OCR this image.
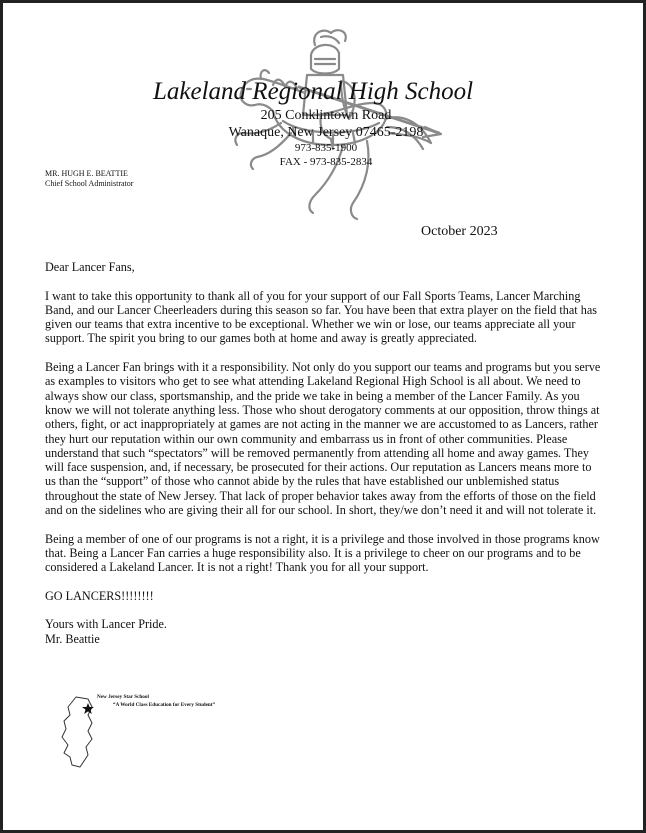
Lakeland Regional High School
205 Conklintown Road
Wanaque, New Jersey 07465-2198
973-835-1900
FAX - 973-835-2834
MR. HUGH E. BEATTIE
Chief School Administrator
October 2023

Dear Lancer Fans,

I want to take this opportunity to thank all of you for your support of our Fall Sports Teams, Lancer Marching Band, and our Lancer Cheerleaders during this season so far. You have been that extra player on the field that has given our teams that extra incentive to be exceptional. Whether we win or lose, our teams appreciate all your support. The spirit you bring to our games both at home and away is greatly appreciated.

Being a Lancer Fan brings with it a responsibility. Not only do you support our teams and programs but you serve as examples to visitors who get to see what attending Lakeland Regional High School is all about. We need to always show our class, sportsmanship, and the pride we take in being a member of the Lancer Family. As you know we will not tolerate anything less. Those who shout derogatory comments at our opposition, throw things at others, fight, or act inappropriately at games are not acting in the manner we are accustomed to as Lancers, rather they hurt our reputation within our own community and embarrass us in front of other communities. Please understand that such “spectators” will be removed permanently from attending all home and away games. They will face suspension, and, if necessary, be prosecuted for their actions. Our reputation as Lancers means more to us than the “support” of those who cannot abide by the rules that have established our unblemished status throughout the state of New Jersey. That lack of proper behavior takes away from the efforts of those on the field and on the sidelines who are giving their all for our school. In short, they/we don’t need it and will not tolerate it.

Being a member of one of our programs is not a right, it is a privilege and those involved in those programs know that. Being a Lancer Fan carries a huge responsibility also. It is a privilege to cheer on our programs and to be considered a Lakeland Lancer. It is not a right! Thank you for all your support.

GO LANCERS!!!!!!!!

Yours with Lancer Pride.

Mr. Beattie

New Jersey Star School
“A World Class Education for Every Student”
